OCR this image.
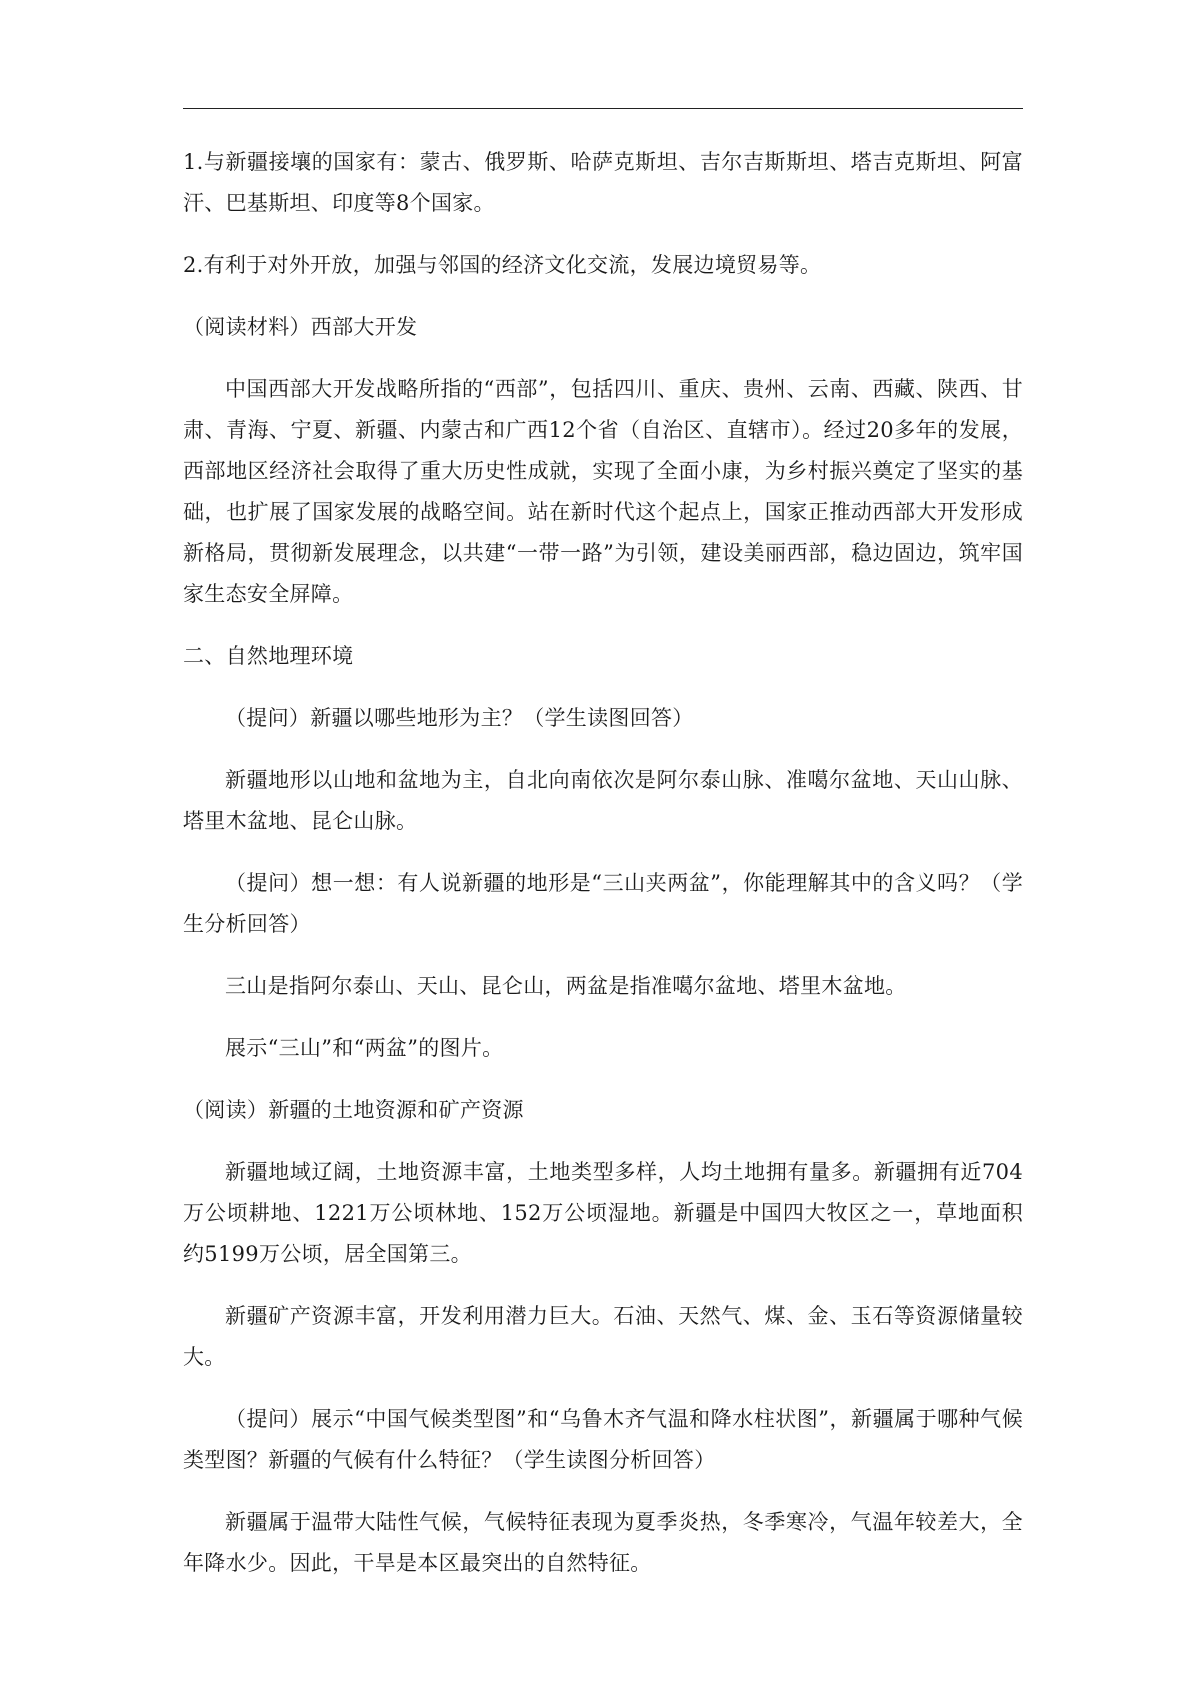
1.与新疆接壤的国家有：蒙古、俄罗斯、哈萨克斯坦、吉尔吉斯斯坦、塔吉克斯坦、阿富汗、巴基斯坦、印度等8个国家。

2.有利于对外开放，加强与邻国的经济文化交流，发展边境贸易等。

（阅读材料）西部大开发

中国西部大开发战略所指的“西部”，包括四川、重庆、贵州、云南、西藏、陕西、甘肃、青海、宁夏、新疆、内蒙古和广西12个省（自治区、直辖市）。经过20多年的发展，西部地区经济社会取得了重大历史性成就，实现了全面小康，为乡村振兴奠定了坚实的基础，也扩展了国家发展的战略空间。站在新时代这个起点上，国家正推动西部大开发形成新格局，贯彻新发展理念，以共建“一带一路”为引领，建设美丽西部，稳边固边，筑牢国家生态安全屏障。

二、自然地理环境

（提问）新疆以哪些地形为主？（学生读图回答）

新疆地形以山地和盆地为主，自北向南依次是阿尔泰山脉、准噶尔盆地、天山山脉、塔里木盆地、昆仑山脉。

（提问）想一想：有人说新疆的地形是“三山夹两盆”，你能理解其中的含义吗？（学生分析回答）

三山是指阿尔泰山、天山、昆仑山，两盆是指准噶尔盆地、塔里木盆地。

展示“三山”和“两盆”的图片。

（阅读）新疆的土地资源和矿产资源

新疆地域辽阔，土地资源丰富，土地类型多样，人均土地拥有量多。新疆拥有近704万公顷耕地、1221万公顷林地、152万公顷湿地。新疆是中国四大牧区之一，草地面积约5199万公顷，居全国第三。

新疆矿产资源丰富，开发利用潜力巨大。石油、天然气、煤、金、玉石等资源储量较大。

（提问）展示“中国气候类型图”和“乌鲁木齐气温和降水柱状图”，新疆属于哪种气候类型图？新疆的气候有什么特征？（学生读图分析回答）

新疆属于温带大陆性气候，气候特征表现为夏季炎热，冬季寒冷，气温年较差大，全年降水少。因此，干旱是本区最突出的自然特征。
